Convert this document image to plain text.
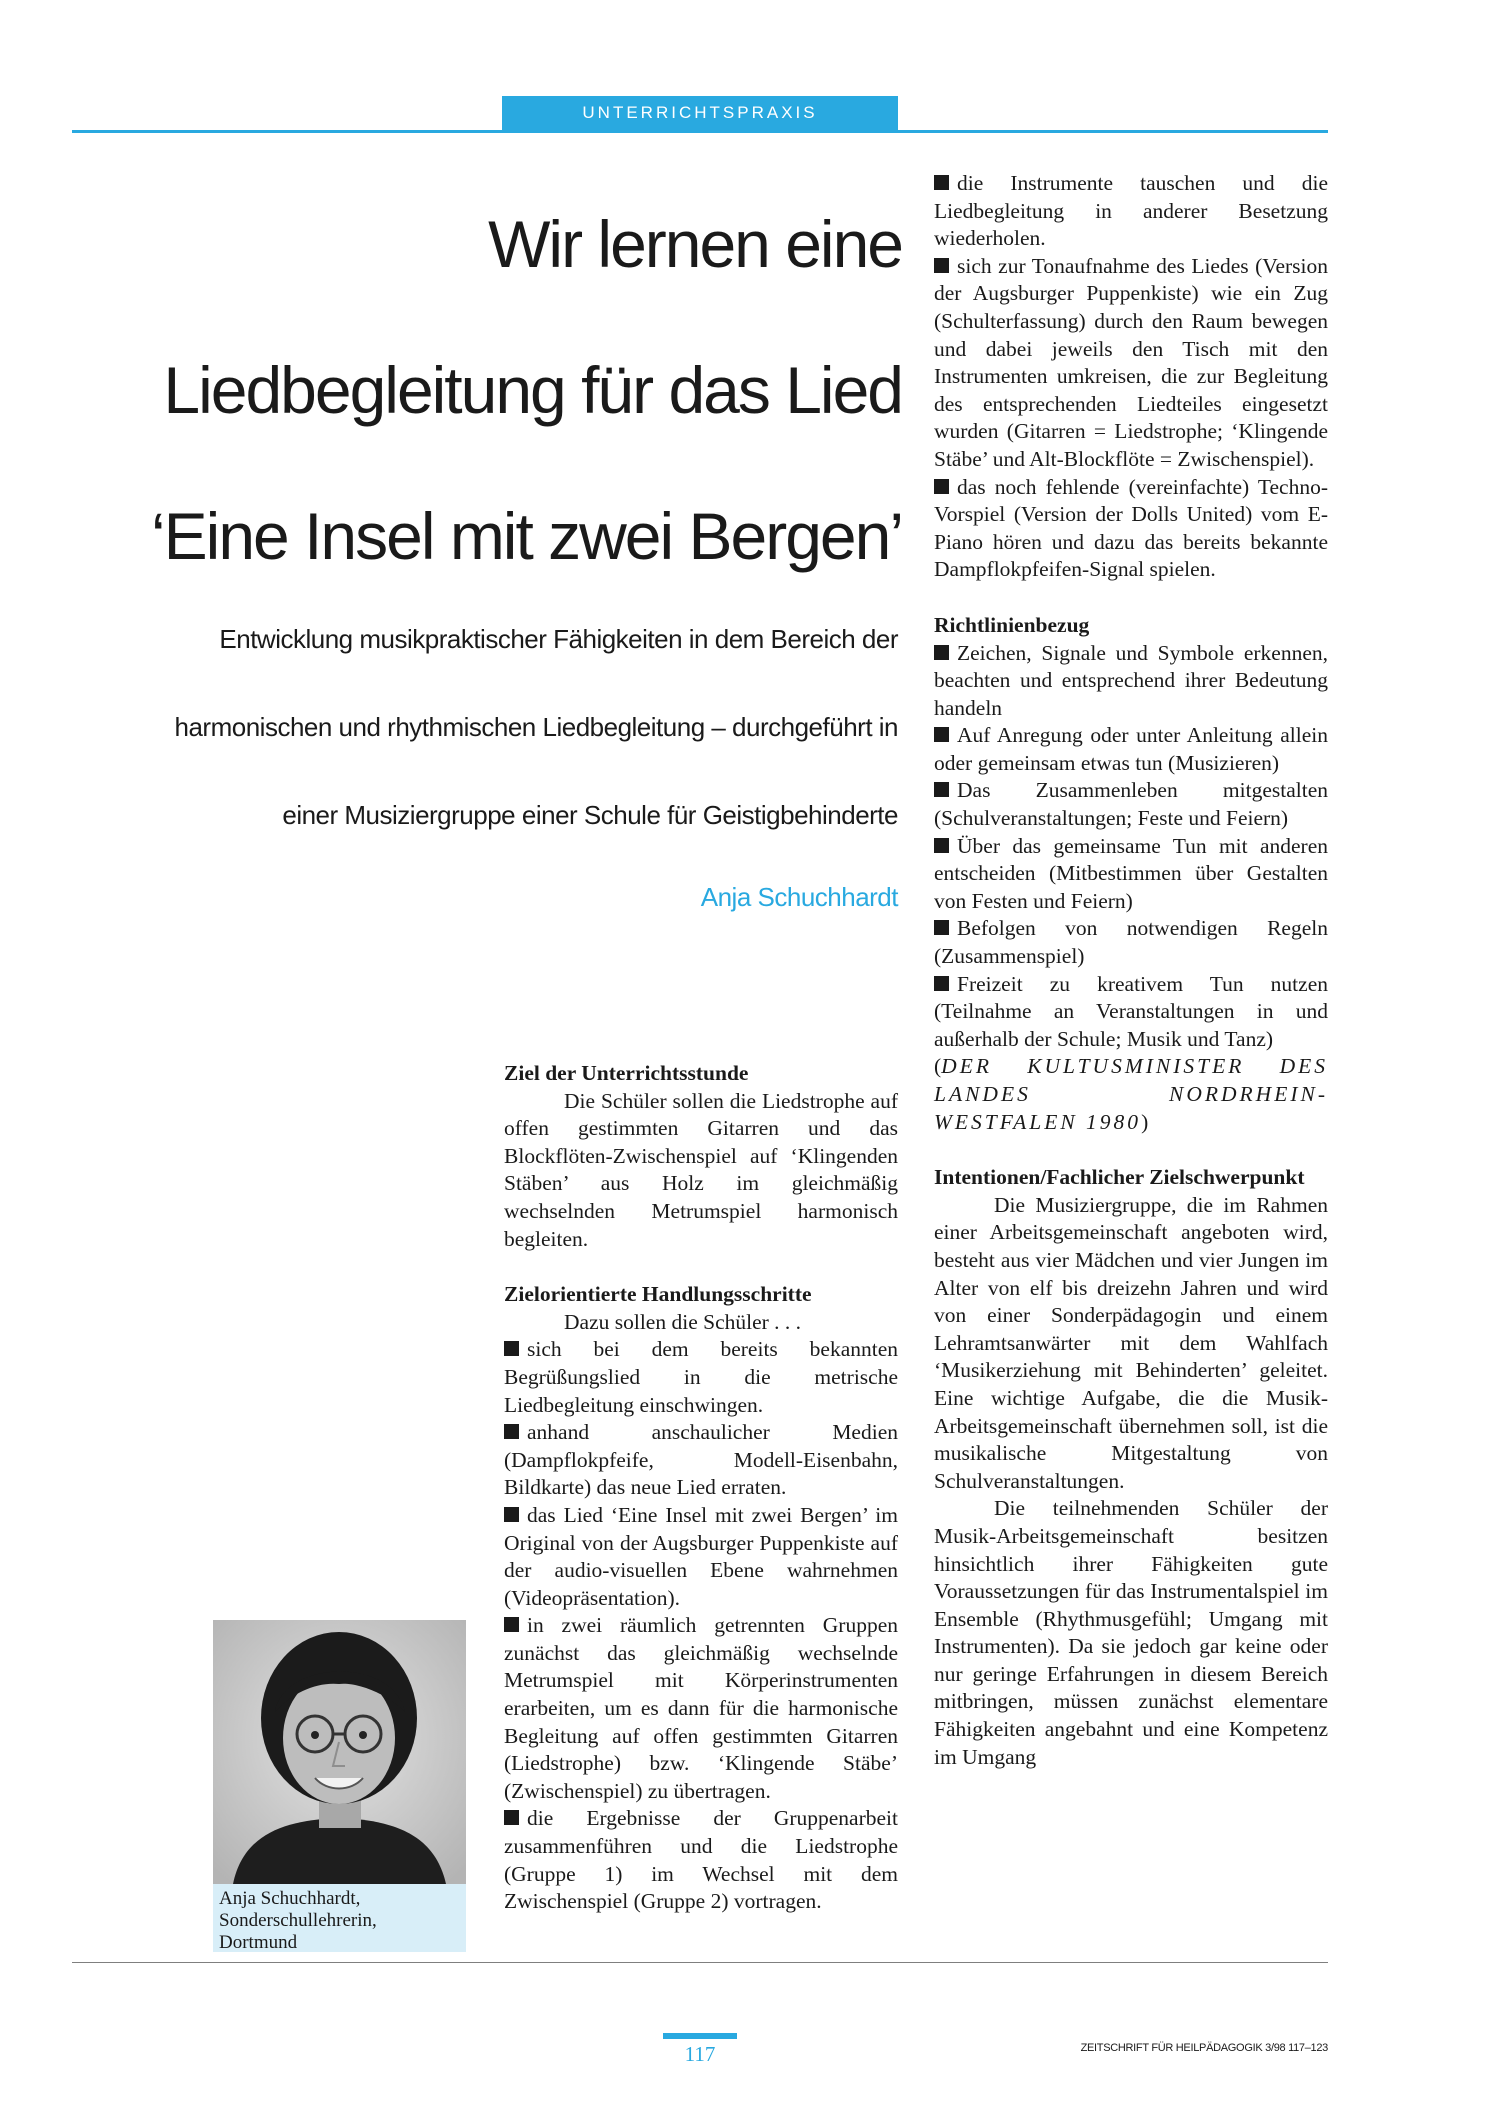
UNTERRICHTSPRAXIS
Wir lernen eine
Liedbegleitung für das Lied
‘Eine Insel mit zwei Bergen’
Entwicklung musikpraktischer Fähigkeiten in dem Bereich der
harmonischen und rhythmischen Liedbegleitung – durchgeführt in
einer Musiziergruppe einer Schule für Geistigbehinderte
Anja Schuchhardt
Anja Schuchhardt,
Sonderschullehrerin,
Dortmund
Ziel der Unterrichtsstunde

Die Schüler sollen die Liedstrophe auf offen gestimmten Gitarren und das Blockflöten-Zwischenspiel auf ‘Klingenden Stäben’ aus Holz im gleichmäßig wechselnden Metrumspiel harmonisch begleiten.

Zielorientierte Handlungsschritte

Dazu sollen die Schüler . . .

sich bei dem bereits bekannten Begrüßungslied in die metrische Liedbegleitung einschwingen.

anhand anschaulicher Medien (Dampflokpfeife, Modell-Eisenbahn, Bildkarte) das neue Lied erraten.

das Lied ‘Eine Insel mit zwei Bergen’ im Original von der Augsburger Puppenkiste auf der audio-visuellen Ebene wahrnehmen (Videopräsentation).

in zwei räumlich getrennten Gruppen zunächst das gleichmäßig wechselnde Metrumspiel mit Körperinstrumenten erarbeiten, um es dann für die harmonische Begleitung auf offen gestimmten Gitarren (Liedstrophe) bzw. ‘Klingende Stäbe’ (Zwischenspiel) zu übertragen.

die Ergebnisse der Gruppenarbeit zusammenführen und die Liedstrophe (Gruppe 1) im Wechsel mit dem Zwischenspiel (Gruppe 2) vortragen.

die Instrumente tauschen und die Liedbegleitung in anderer Besetzung wiederholen.

sich zur Tonaufnahme des Liedes (Version der Augsburger Puppenkiste) wie ein Zug (Schulterfassung) durch den Raum bewegen und dabei jeweils den Tisch mit den Instrumenten umkreisen, die zur Begleitung des entsprechenden Liedteiles eingesetzt wurden (Gitarren = Liedstrophe; ‘Klingende Stäbe’ und Alt-Blockflöte = Zwischenspiel).

das noch fehlende (vereinfachte) Techno-Vorspiel (Version der Dolls United) vom E-Piano hören und dazu das bereits bekannte Dampflokpfeifen-Signal spielen.

Richtlinienbezug

Zeichen, Signale und Symbole erkennen, beachten und entsprechend ihrer Bedeutung handeln

Auf Anregung oder unter Anleitung allein oder gemeinsam etwas tun (Musizieren)

Das Zusammenleben mitgestalten (Schulveranstaltungen; Feste und Feiern)

Über das gemeinsame Tun mit anderen entscheiden (Mitbestimmen über Gestalten von Festen und Feiern)

Befolgen von notwendigen Regeln (Zusammenspiel)

Freizeit zu kreativem Tun nutzen (Teilnahme an Veranstaltungen in und außerhalb der Schule; Musik und Tanz)

(DER KULTUSMINISTER DES LANDES NORDRHEIN-WESTFALEN 1980)

Intentionen/Fachlicher Zielschwerpunkt

Die Musiziergruppe, die im Rahmen einer Arbeitsgemeinschaft angeboten wird, besteht aus vier Mädchen und vier Jungen im Alter von elf bis dreizehn Jahren und wird von einer Sonderpädagogin und einem Lehramtsanwärter mit dem Wahlfach ‘Musikerziehung mit Behinderten’ geleitet. Eine wichtige Aufgabe, die die Musik-Arbeitsgemeinschaft übernehmen soll, ist die musikalische Mitgestaltung von Schulveranstaltungen.

Die teilnehmenden Schüler der Musik-Arbeitsgemeinschaft besitzen hinsichtlich ihrer Fähigkeiten gute Voraussetzungen für das Instrumentalspiel im Ensemble (Rhythmusgefühl; Umgang mit Instrumenten). Da sie jedoch gar keine oder nur geringe Erfahrungen in diesem Bereich mitbringen, müssen zunächst elementare Fähigkeiten angebahnt und eine Kompetenz im Umgang

117	ZEITSCHRIFT FÜR HEILPÄDAGOGIK 3/98 117–123
